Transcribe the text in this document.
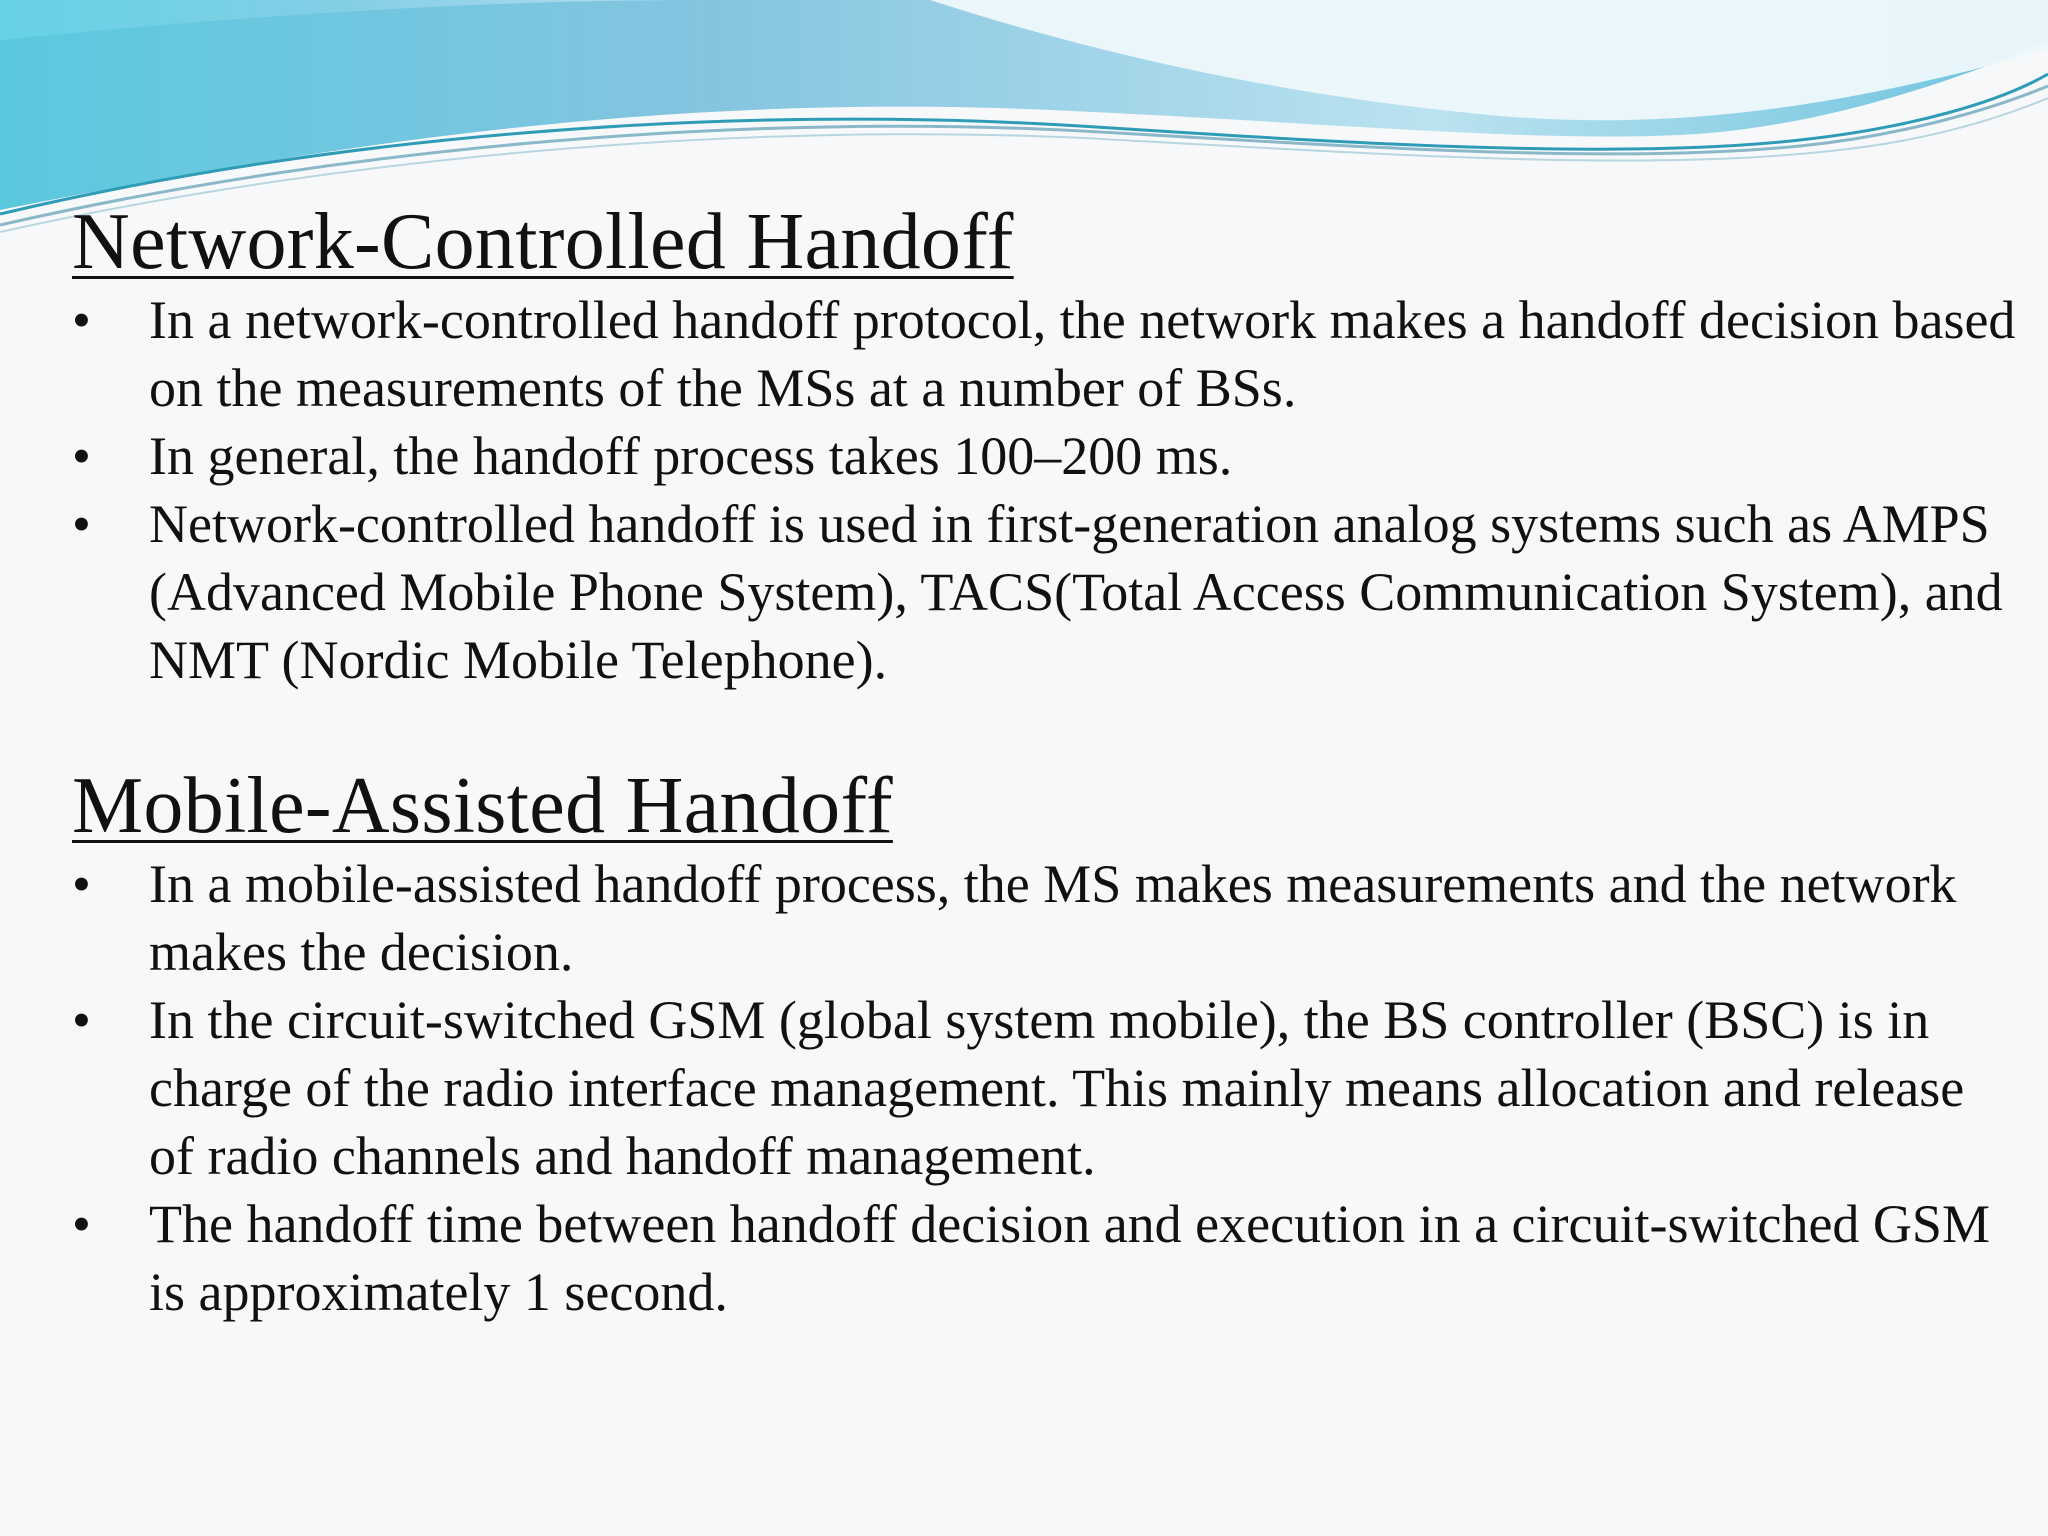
Network-Controlled Handoff
•	In a network-controlled handoff protocol, the network makes a handoff decision based on the measurements of the MSs at a number of BSs.
•	In general, the handoff process takes 100–200 ms.
•	Network-controlled handoff is used in first-generation analog systems such as AMPS (Advanced Mobile Phone System), TACS(Total Access Communication System), and NMT (Nordic Mobile Telephone).
Mobile-Assisted Handoff
•	In a mobile-assisted handoff process, the MS makes measurements and the network makes the decision.
•	In the circuit-switched GSM (global system mobile), the BS controller (BSC) is in charge of the radio interface management. This mainly means allocation and release of radio channels and handoff management.
•	The handoff time between handoff decision and execution in a circuit-switched GSM is approximately 1 second.
